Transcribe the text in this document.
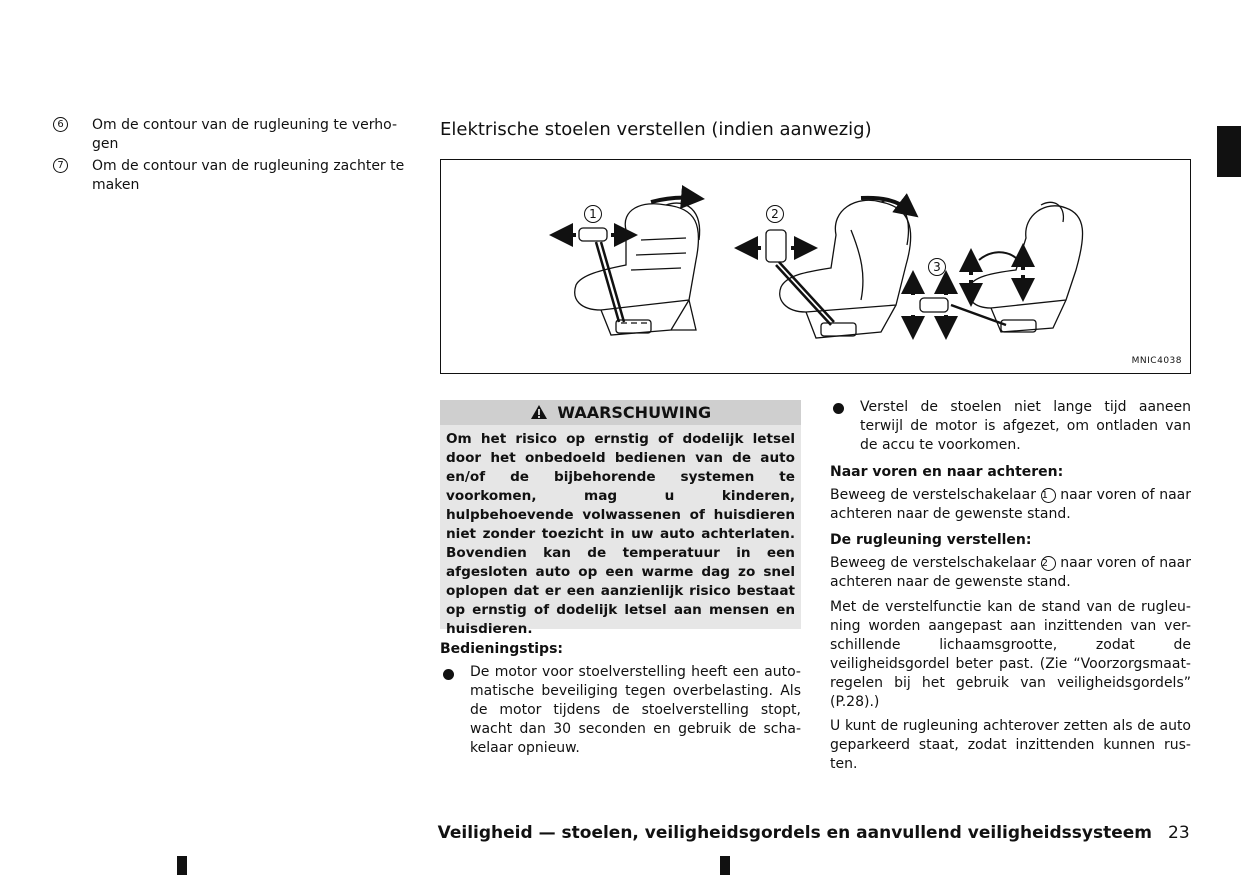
6	Om de contour van de rugleuning te verho-gen
7	Om de contour van de rugleuning zachter te maken
Elektrische stoelen verstellen (indien aanwezig)
1	2
3
MNIC4038
WAARSCHUWING
Om het risico op ernstig of dodelijk letsel door het onbedoeld bedienen van de auto en/of de bijbehorende systemen te voorkomen, mag u kinderen, hulpbehoevende volwassenen of huisdieren niet zonder toezicht in uw auto achterlaten. Bovendien kan de temperatuur in een afgesloten auto op een warme dag zo snel oplopen dat er een aanzienlijk risico bestaat op ernstig of dodelijk letsel aan mensen en huisdieren.
Bedieningstips:
De motor voor stoelverstelling heeft een auto-matische beveiliging tegen overbelasting. Als de motor tijdens de stoelverstelling stopt, wacht dan 30 seconden en gebruik de scha-kelaar opnieuw.
Verstel de stoelen niet lange tijd aaneen terwijl de motor is afgezet, om ontladen van de accu te voorkomen.
Naar voren en naar achteren:
Beweeg de verstelschakelaar 1 naar voren of naar achteren naar de gewenste stand.
De rugleuning verstellen:
Beweeg de verstelschakelaar 2 naar voren of naar achteren naar de gewenste stand.
Met de verstelfunctie kan de stand van de rugleu-ning worden aangepast aan inzittenden van ver-schillende lichaamsgrootte, zodat de veiligheidsgordel beter past. (Zie “Voorzorgsmaat-regelen bij het gebruik van veiligheidsgordels” (P.28).)
U kunt de rugleuning achterover zetten als de auto geparkeerd staat, zodat inzittenden kunnen rus-ten.
Veiligheid — stoelen, veiligheidsgordels en aanvullend veiligheidssysteem 23
